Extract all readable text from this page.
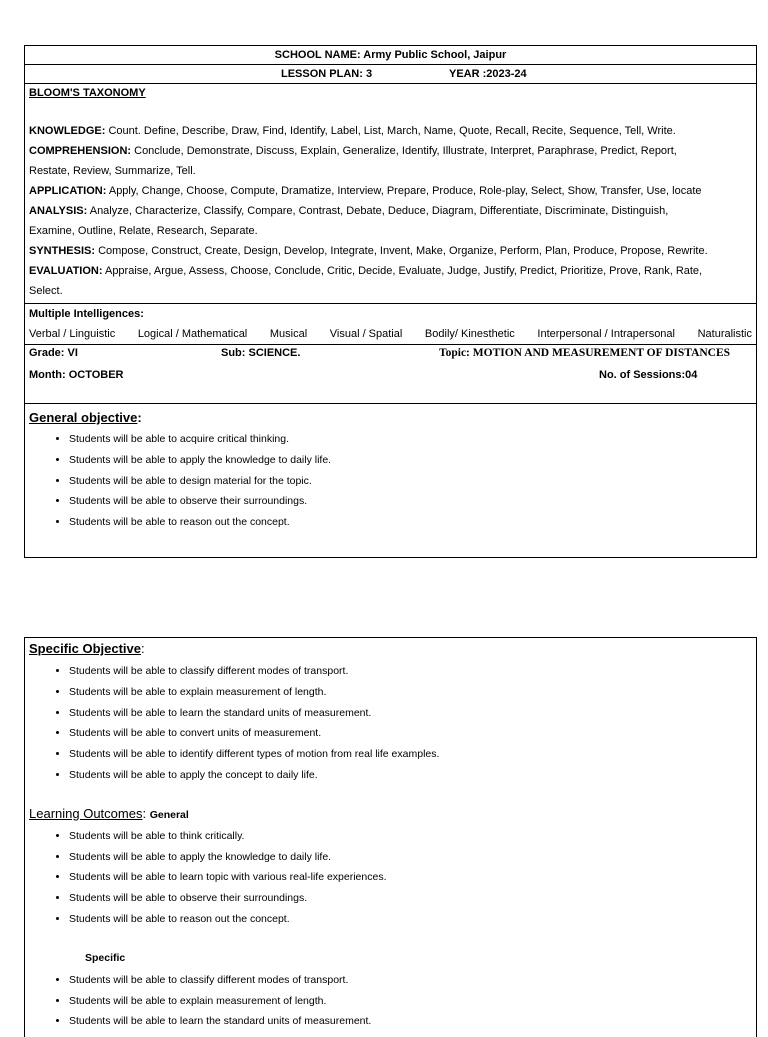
SCHOOL NAME: Army Public School, Jaipur
LESSON PLAN: 3	YEAR :2023-24
BLOOM'S TAXONOMY
KNOWLEDGE: Count. Define, Describe, Draw, Find, Identify, Label, List, March, Name, Quote, Recall, Recite, Sequence, Tell, Write.
COMPREHENSION: Conclude, Demonstrate, Discuss, Explain, Generalize, Identify, Illustrate, Interpret, Paraphrase, Predict, Report,
Restate, Review, Summarize, Tell.
APPLICATION: Apply, Change, Choose, Compute, Dramatize, Interview, Prepare, Produce, Role-play, Select, Show, Transfer, Use, locate
ANALYSIS: Analyze, Characterize, Classify, Compare, Contrast, Debate, Deduce, Diagram, Differentiate, Discriminate, Distinguish,
Examine, Outline, Relate, Research, Separate.
SYNTHESIS: Compose, Construct, Create, Design, Develop, Integrate, Invent, Make, Organize, Perform, Plan, Produce, Propose, Rewrite.
EVALUATION: Appraise, Argue, Assess, Choose, Conclude, Critic, Decide, Evaluate, Judge, Justify, Predict, Prioritize, Prove, Rank, Rate,
Select.
Multiple Intelligences:
Verbal / Linguistic Logical / Mathematical Musical Visual / Spatial Bodily/ Kinesthetic Interpersonal / Intrapersonal Naturalistic
Grade: VI	Sub: SCIENCE.	Topic: MOTION AND MEASUREMENT OF DISTANCES
Month: OCTOBER	No. of Sessions:04
General objective:
• Students will be able to acquire critical thinking.
• Students will be able to apply the knowledge to daily life.
• Students will be able to design material for the topic.
• Students will be able to observe their surroundings.
• Students will be able to reason out the concept.
Specific Objective:
• Students will be able to classify different modes of transport.
• Students will be able to explain measurement of length.
• Students will be able to learn the standard units of measurement.
• Students will be able to convert units of measurement.
• Students will be able to identify different types of motion from real life examples.
• Students will be able to apply the concept to daily life.
Learning Outcomes: General
• Students will be able to think critically.
• Students will be able to apply the knowledge to daily life.
• Students will be able to learn topic with various real-life experiences.
• Students will be able to observe their surroundings.
• Students will be able to reason out the concept.
Specific
• Students will be able to classify different modes of transport.
• Students will be able to explain measurement of length.
• Students will be able to learn the standard units of measurement.
